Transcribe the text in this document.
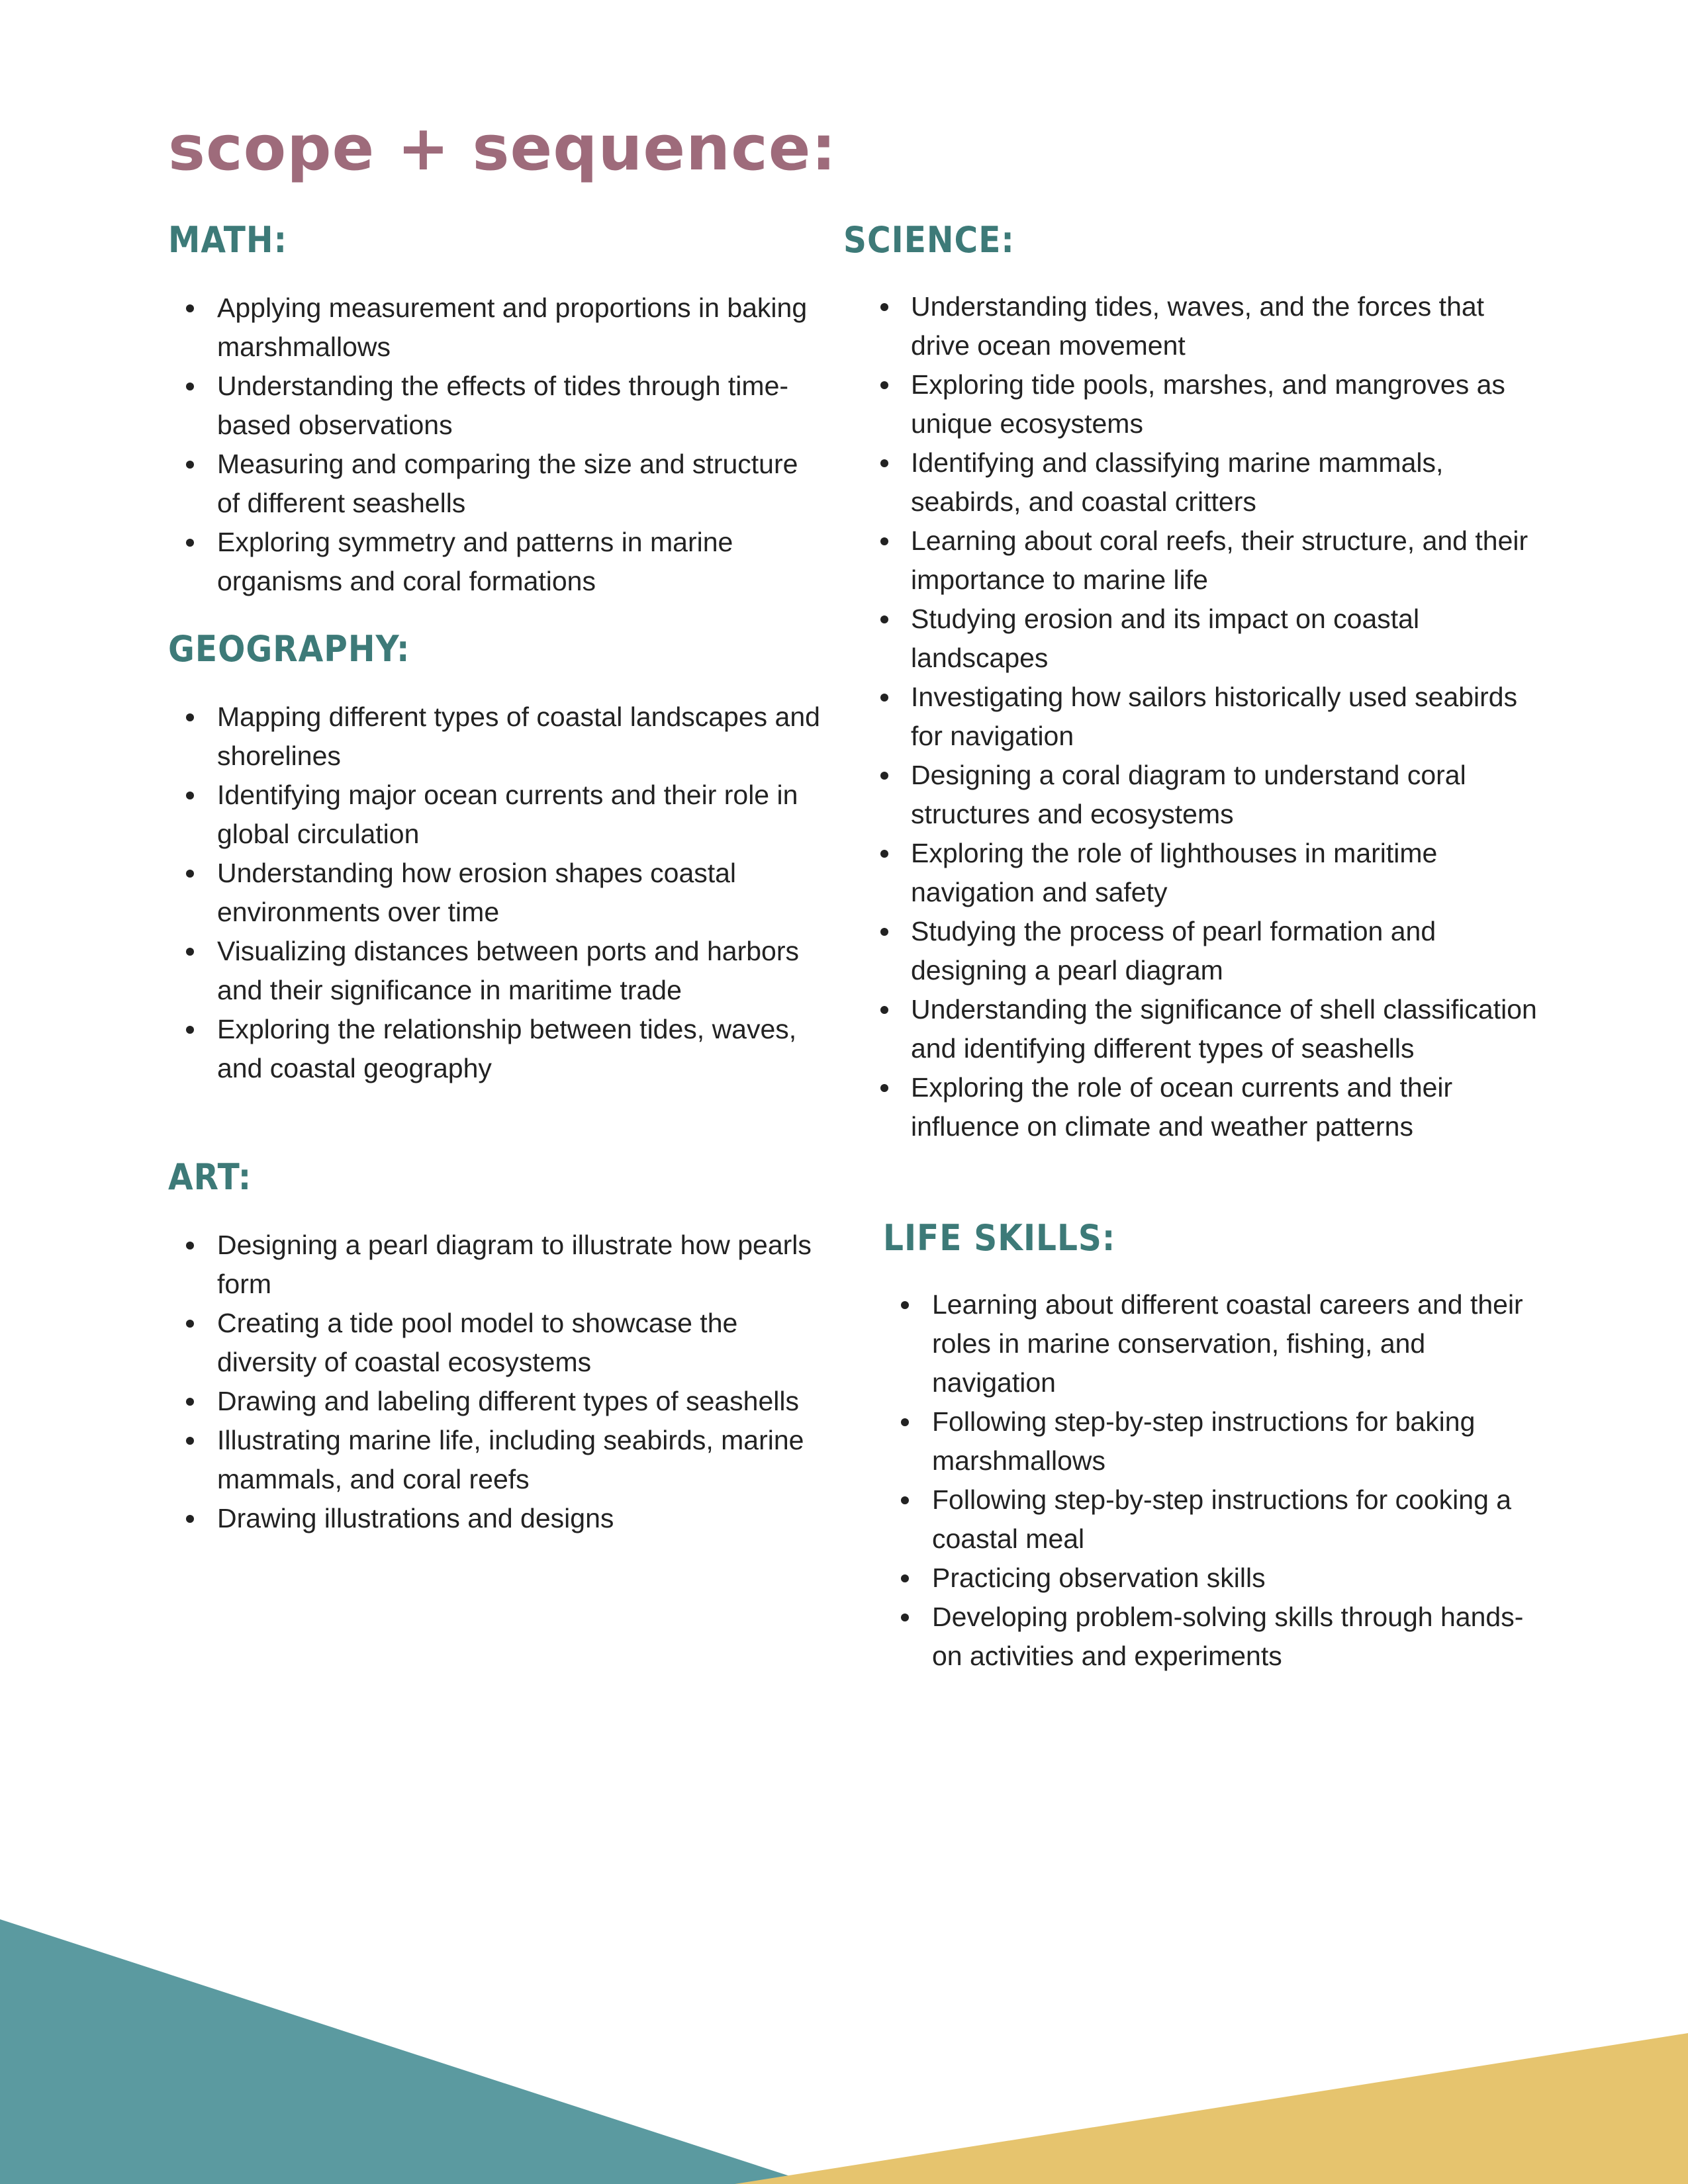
scope + sequence:
MATH:
Applying measurement and proportions in baking marshmallows
Understanding the effects of tides through time-based observations
Measuring and comparing the size and structure of different seashells
Exploring symmetry and patterns in marine organisms and coral formations
GEOGRAPHY:
Mapping different types of coastal landscapes and shorelines
Identifying major ocean currents and their role in global circulation
Understanding how erosion shapes coastal environments over time
Visualizing distances between ports and harbors and their significance in maritime trade
Exploring the relationship between tides, waves, and coastal geography
ART:
Designing a pearl diagram to illustrate how pearls form
Creating a tide pool model to showcase the diversity of coastal ecosystems
Drawing and labeling different types of seashells
Illustrating marine life, including seabirds, marine mammals, and coral reefs
Drawing illustrations and designs
SCIENCE:
Understanding tides, waves, and the forces that drive ocean movement
Exploring tide pools, marshes, and mangroves as unique ecosystems
Identifying and classifying marine mammals, seabirds, and coastal critters
Learning about coral reefs, their structure, and their importance to marine life
Studying erosion and its impact on coastal landscapes
Investigating how sailors historically used seabirds for navigation
Designing a coral diagram to understand coral structures and ecosystems
Exploring the role of lighthouses in maritime navigation and safety
Studying the process of pearl formation and designing a pearl diagram
Understanding the significance of shell classification and identifying different types of seashells
Exploring the role of ocean currents and their influence on climate and weather patterns
LIFE SKILLS:
Learning about different coastal careers and their roles in marine conservation, fishing, and navigation
Following step-by-step instructions for baking marshmallows
Following step-by-step instructions for cooking a coastal meal
Practicing observation skills
Developing problem-solving skills through hands-on activities and experiments
